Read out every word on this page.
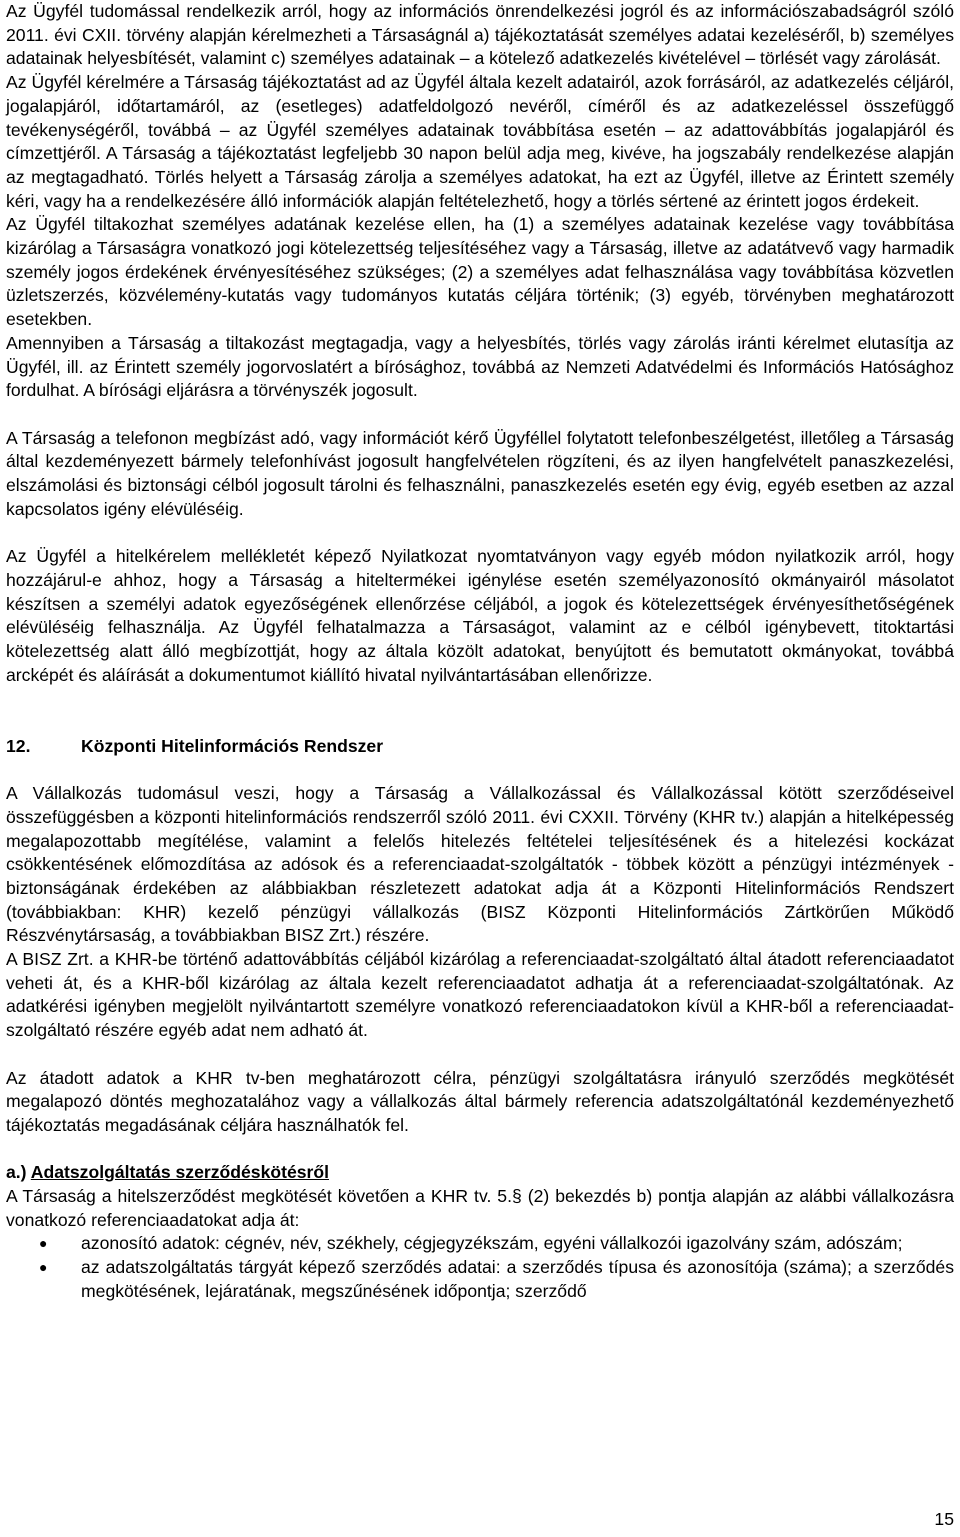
Az Ügyfél tudomással rendelkezik arról, hogy az információs önrendelkezési jogról és az információszabadságról szóló 2011. évi CXII. törvény alapján kérelmezheti a Társaságnál a) tájékoztatását személyes adatai kezeléséről, b) személyes adatainak helyesbítését, valamint c) személyes adatainak – a kötelező adatkezelés kivételével – törlését vagy zárolását.

Az Ügyfél kérelmére a Társaság tájékoztatást ad az Ügyfél általa kezelt adatairól, azok forrásáról, az adatkezelés céljáról, jogalapjáról, időtartamáról, az (esetleges) adatfeldolgozó nevéről, címéről és az adatkezeléssel összefüggő tevékenységéről, továbbá – az Ügyfél személyes adatainak továbbítása esetén – az adattovábbítás jogalapjáról és címzettjéről. A Társaság a tájékoztatást legfeljebb 30 napon belül adja meg, kivéve, ha jogszabály rendelkezése alapján az megtagadható. Törlés helyett a Társaság zárolja a személyes adatokat, ha ezt az Ügyfél, illetve az Érintett személy kéri, vagy ha a rendelkezésére álló információk alapján feltételezhető, hogy a törlés sértené az érintett jogos érdekeit.

Az Ügyfél tiltakozhat személyes adatának kezelése ellen, ha (1) a személyes adatainak kezelése vagy továbbítása kizárólag a Társaságra vonatkozó jogi kötelezettség teljesítéséhez vagy a Társaság, illetve az adatátvevő vagy harmadik személy jogos érdekének érvényesítéséhez szükséges; (2) a személyes adat felhasználása vagy továbbítása közvetlen üzletszerzés, közvélemény-kutatás vagy tudományos kutatás céljára történik; (3) egyéb, törvényben meghatározott esetekben.

Amennyiben a Társaság a tiltakozást megtagadja, vagy a helyesbítés, törlés vagy zárolás iránti kérelmet elutasítja az Ügyfél, ill. az Érintett személy jogorvoslatért a bírósághoz, továbbá az Nemzeti Adatvédelmi és Információs Hatósághoz fordulhat. A bírósági eljárásra a törvényszék jogosult.

A Társaság a telefonon megbízást adó, vagy információt kérő Ügyféllel folytatott telefonbeszélgetést, illetőleg a Társaság által kezdeményezett bármely telefonhívást jogosult hangfelvételen rögzíteni, és az ilyen hangfelvételt panaszkezelési, elszámolási és biztonsági célból jogosult tárolni és felhasználni, panaszkezelés esetén egy évig, egyéb esetben az azzal kapcsolatos igény elévüléséig.

Az Ügyfél a hitelkérelem mellékletét képező Nyilatkozat nyomtatványon vagy egyéb módon nyilatkozik arról, hogy hozzájárul-e ahhoz, hogy a Társaság a hiteltermékei igénylése esetén személyazonosító okmányairól másolatot készítsen a személyi adatok egyezőségének ellenőrzése céljából, a jogok és kötelezettségek érvényesíthetőségének elévüléséig felhasználja. Az Ügyfél felhatalmazza a Társaságot, valamint az e célból igénybevett, titoktartási kötelezettség alatt álló megbízottját, hogy az általa közölt adatokat, benyújtott és bemutatott okmányokat, továbbá arcképét és aláírását a dokumentumot kiállító hivatal nyilvántartásában ellenőrizze.

12.	Központi Hitelinformációs Rendszer

A Vállalkozás tudomásul veszi, hogy a Társaság a Vállalkozással és Vállalkozással kötött szerződéseivel összefüggésben a központi hitelinformációs rendszerről szóló 2011. évi CXXII. Törvény (KHR tv.) alapján a hitelképesség megalapozottabb megítélése, valamint a felelős hitelezés feltételei teljesítésének és a hitelezési kockázat csökkentésének előmozdítása az adósok és a referenciaadat-szolgáltatók - többek között a pénzügyi intézmények - biztonságának érdekében az alábbiakban részletezett adatokat adja át a Központi Hitelinformációs Rendszert (továbbiakban: KHR) kezelő pénzügyi vállalkozás (BISZ Központi Hitelinformációs Zártkörűen Működő Részvénytársaság, a továbbiakban BISZ Zrt.) részére.

A BISZ Zrt. a KHR-be történő adattovábbítás céljából kizárólag a referenciaadat-szolgáltató által átadott referenciaadatot veheti át, és a KHR-ből kizárólag az általa kezelt referenciaadatot adhatja át a referenciaadat-szolgáltatónak. Az adatkérési igényben megjelölt nyilvántartott személyre vonatkozó referenciaadatokon kívül a KHR-ből a referenciaadat-szolgáltató részére egyéb adat nem adható át.

Az átadott adatok a KHR tv-ben meghatározott célra, pénzügyi szolgáltatásra irányuló szerződés megkötését megalapozó döntés meghozatalához vagy a vállalkozás által bármely referencia adatszolgáltatónál kezdeményezhető tájékoztatás megadásának céljára használhatók fel.

a.) Adatszolgáltatás szerződéskötésről

A Társaság a hitelszerződést megkötését követően a KHR tv. 5.§ (2) bekezdés b) pontja alapján az alábbi vállalkozásra vonatkozó referenciaadatokat adja át:

● azonosító adatok: cégnév, név, székhely, cégjegyzékszám, egyéni vállalkozói igazolvány szám, adószám;
● az adatszolgáltatás tárgyát képező szerződés adatai: a szerződés típusa és azonosítója (száma); a szerződés megkötésének, lejáratának, megszűnésének időpontja; szerződő
15
